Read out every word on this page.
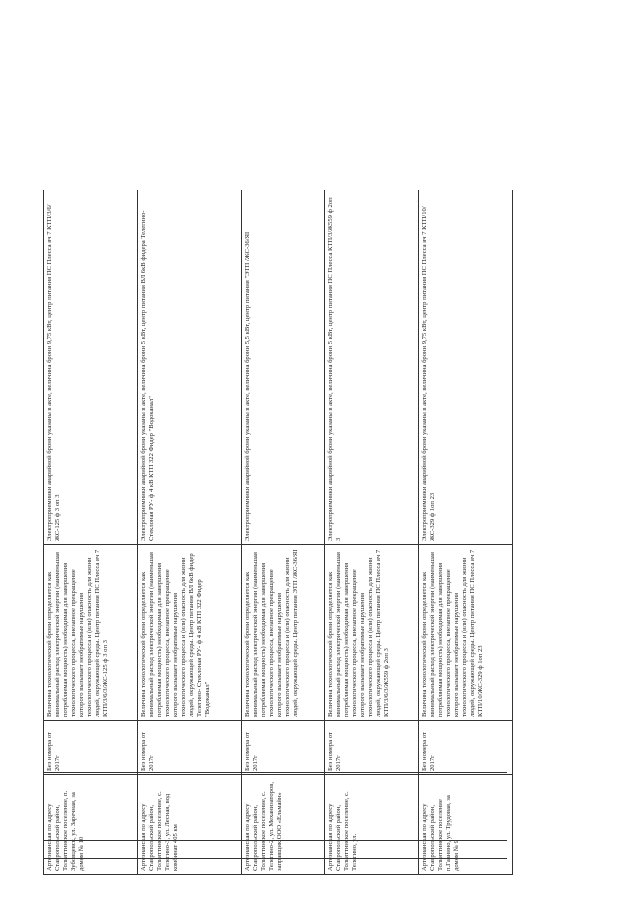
Артезианская по адресу Ставропольский район, Тольяттинское поселение, п. Зубовцевск, ул. Заречная, за домом № 10	Без номера от 2017г	Величина технологической брони определяется как минимальный расход электрической энергии (наименьшая потребляемая мощность) необходимая для завершения технологического процесса, внезапное прекращение которого вызывает необратимые нарушения технологического процесса и (или) опасность для жизни людей, окружающей среды. Центр питания ПС Плесса яч 7 КТП/3/6/3/ЖС-125 ф 3 оп 3	Электроприемники аварийной брони указаны в акте, величина брони 9,75 кВт, центр питания ПС Плесса яч 7 КТП/3/6/ЖС-125 ф 3 оп 3
Артезианская по адресу Ставропольский район, Тольяттинское поселение, с. Телегино-3, ул. Лесная, вод комбинат 405 км	Без номера от 2017г	Величина технологической брони определяется как минимальный расход электрической энергии (наименьшая потребляемая мощность) необходимая для завершения технологического процесса, внезапное прекращение которого вызывает необратимые нарушения технологического процесса и (или) опасность для жизни людей, окружающей среды. Центр питания ВЛ 6кВ фидер Телегино- Стеклоная РУ- ф 4 кВ КТП 322 Фидер "Водоканал"	Электроприемники аварийной брони указаны в акте, величина брони 5 кВт, центр питания ВЛ 6кВ фидера Телегино- Стеклоная РУ- ф 4 кВ КТП 322 Фидер "Водоканал"
Артезианская по адресу Ставропольский район, Тольяттинское поселение, с. Телегино-2, ул. Механизаторов, заправщик ООО «Ельмайн»	Без номера от 2017г	Величина технологической брони определяется как минимальный расход электрической энергии (наименьшая потребляемая мощность) необходимая для завершения технологического процесса, внезапное прекращение которого вызывает необратимые нарушения технологического процесса и (или) опасность для жизни людей, окружающей среды. Центр питания ЭТП /ЖС-36/ЯI	Электроприемники аварийной брони указаны в акте, величина брони 5,5 кВт, центр питания "ЭТП /ЖС-36/ЯI
Артезианская по адресу Ставропольский район, Тольяттинское поселение, с. Телегино, ул.	Без номера от 2017г	Величина технологической брони определяется как минимальный расход электрической энергии (наименьшая потребляемая мощность) необходимая для завершения технологического процесса, внезапное прекращение которого вызывает необратимые нарушения технологического процесса и (или) опасность для жизни людей, окружающей среды. Центр питания ПС Плесса яч 7 КТП/3/6/3/Ж559 ф 2оп 3	Электроприемники аварийной брони указаны в акте, величина брони 5 кВт, центр питания ПС Плесса КТП/3/Ж559 ф 2оп 3
Артезианская по адресу Ставропольский район, Тольяттинское поселение п.Гаанино, ул. Трудовая, за домом № 9	Без номера от 2017г	Величина технологической брони определяется как минимальный расход электрической энергии (наименьшая потребляемая мощность) необходимая для завершения технологического процесса, внезапное прекращение которого вызывает необратимые нарушения технологического процесса и (или) опасность для жизни людей, окружающей среды. Центр питания ПС Плесса яч 7 КТП/10/ЖС-329 ф 1оп 23	Электроприемники аварийной брони указаны в акте, величина брони 9,75 кВт, центр питания ПС Плесса яч 7 КТП/10/ЖС-329 ф 1оп 23
